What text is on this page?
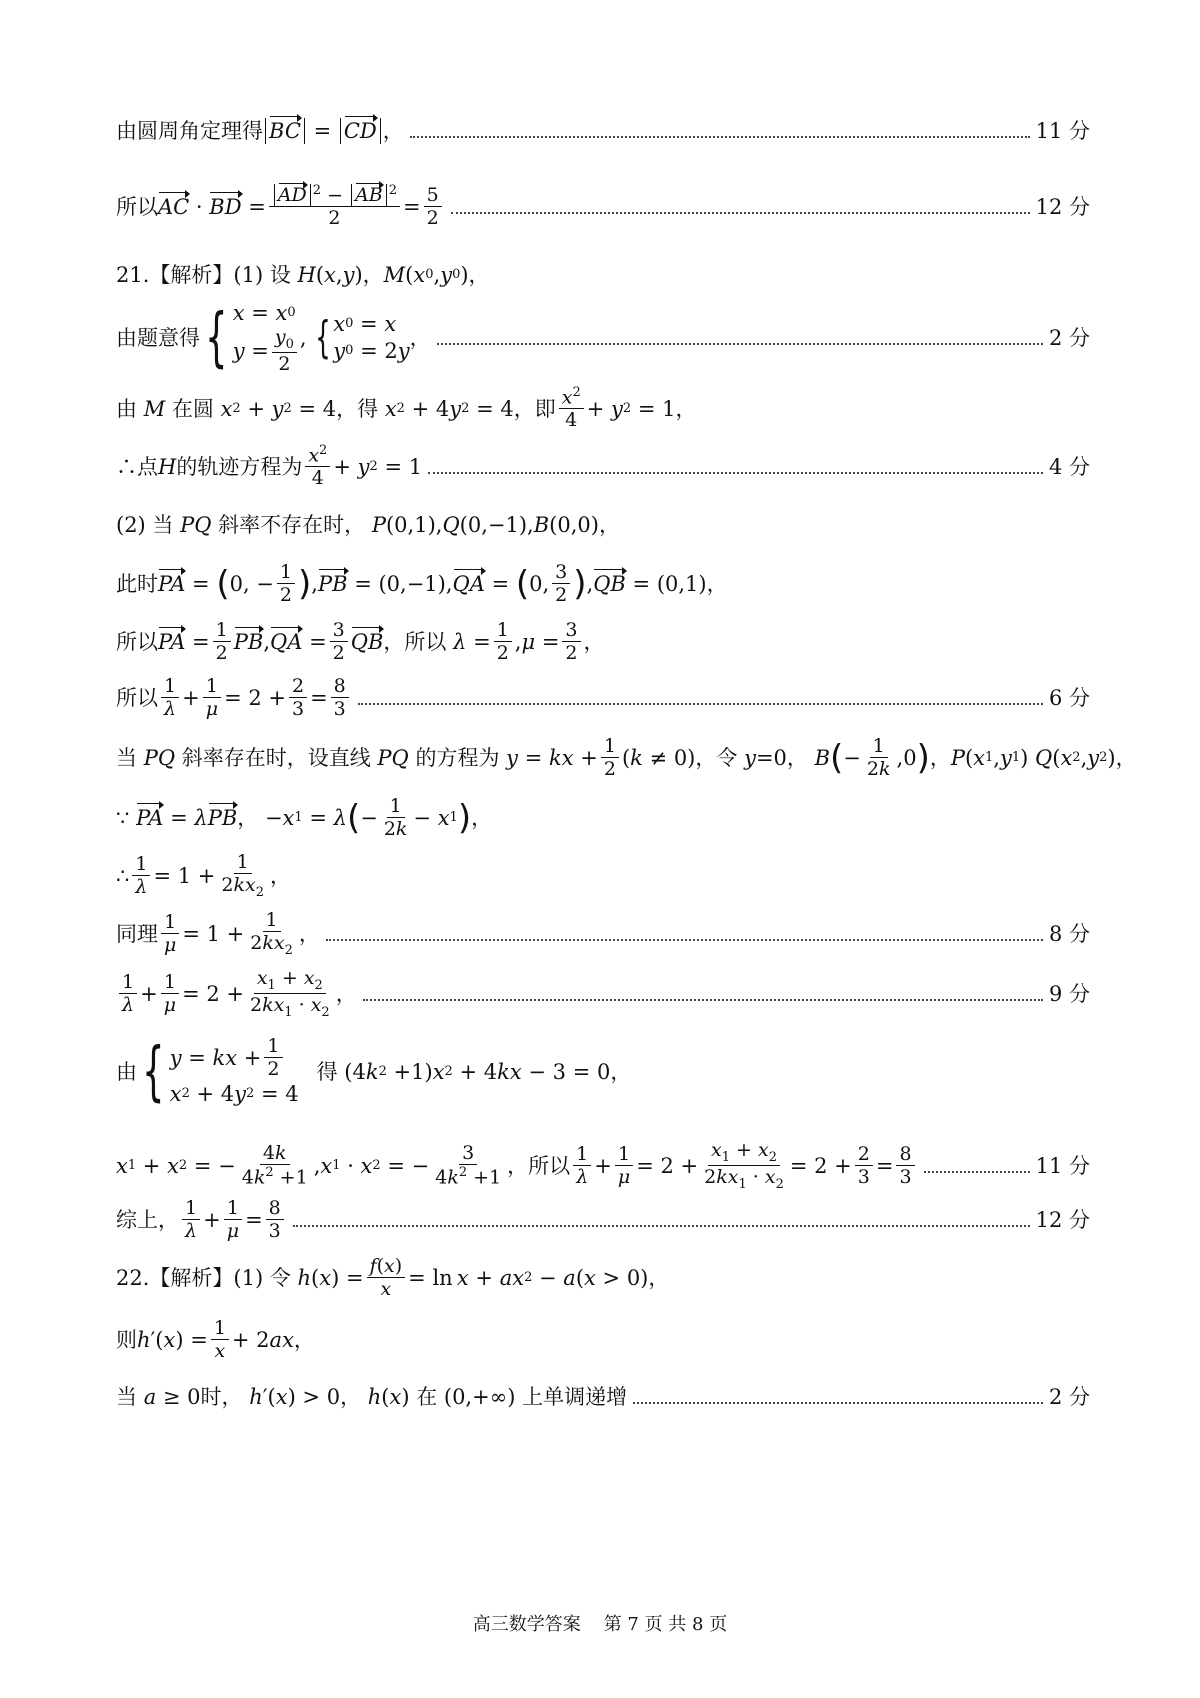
由圆周角定理得 BC = CD ，	11 分
所以 AC · BD = $\frac{AD ^2 - AB ^2}{2} = \frac{5}{2}$	12 分
21.【解析】(1) 设
H ( x , y )， M ( x 0 , y 0 ) ，
由题意得 { x = x 0
$y = \frac{y_0}{2}$ , { x 0 = x
y 0 = 2 y
，	2 分
由
M
在圆
x 2 + y 2 = 4 ，得
x 2 + 4 y 2 = 4 ，即 $\frac{x^2}{4} + y$ 2 = 1 ，
∴点 H 的轨迹方程为 $\frac{x^2}{4} + y$ 2 = 1	4 分
(2) 当
PQ
斜率不存在时，
P (0,1), Q (0,−1), B (0,0) ，
此时 PA = ( 0, − $\frac{1}{2}$ ) , PB = (0,−1), QA = ( 0, $\frac{3}{2}$ ) , QB = (0,1) ，
所以 PA = $\frac{1}{2}$ PB , QA = $\frac{3}{2}$ QB ，所以
$\lambda = \frac{1}{2}$ , $\mu = \frac{3}{2}$ ，
所以 $\frac{1}{\lambda} + \frac{1}{\mu} = 2 + \frac{2}{3} = \frac{8}{3}$	6 分
当
PQ
斜率存在时，设直线
PQ
的方程为
y = kx + $\frac{1}{2}$ ( k ≠ 0) ，令
y =0 ，
B ( − $\frac{1}{2k} ,0$ ) ， P ( x 1 , y 1 ) Q ( x 2 , y 2 ) ，
∵
PA = λ PB ， − x 1 = λ ( − $\frac{1}{2k} - x$ 1 ) ，
∴ $\frac{1}{\lambda} = 1 + \frac{1}{2kx_2}$ ，
同理 $\frac{1}{\mu} = 1 + \frac{1}{2kx_2}$ ，	8 分
$\frac{1}{\lambda} + \frac{1}{\mu} = 2 + \frac{x_1 + x_2}{2kx_1 \cdot x_2}$ ，	9 分
由 { y = kx + $\frac{1}{2}$
x 2 + 4 y 2 = 4
得 (4 k 2 +1) x 2 + 4 kx − 3 = 0 ，
x 1 + x 2 = − $\frac{4k}{4k^2 +1}$ , x 1 · x 2 = − $\frac{3}{4k^2 +1}$ ，所以 $\frac{1}{\lambda} + \frac{1}{\mu} = 2 + \frac{x_1 + x_2}{2kx_1 \cdot x_2} = 2 + \frac{2}{3} = \frac{8}{3}$	11 分
综上， $\frac{1}{\lambda} + \frac{1}{\mu} = \frac{8}{3}$	12 分
22.【解析】(1) 令
h ( x ) = $\frac{f(x)}{x} = \ln x$ + ax 2 − a ( x > 0) ，
则 h ′( x ) = $\frac{1}{x} + 2$ ax ，
当
a ≥ 0 时，
h ′( x ) > 0 ，
h ( x ) 在 (0,+∞) 上单调递增	2 分
高三数学答案 第 7 页 共 8 页
